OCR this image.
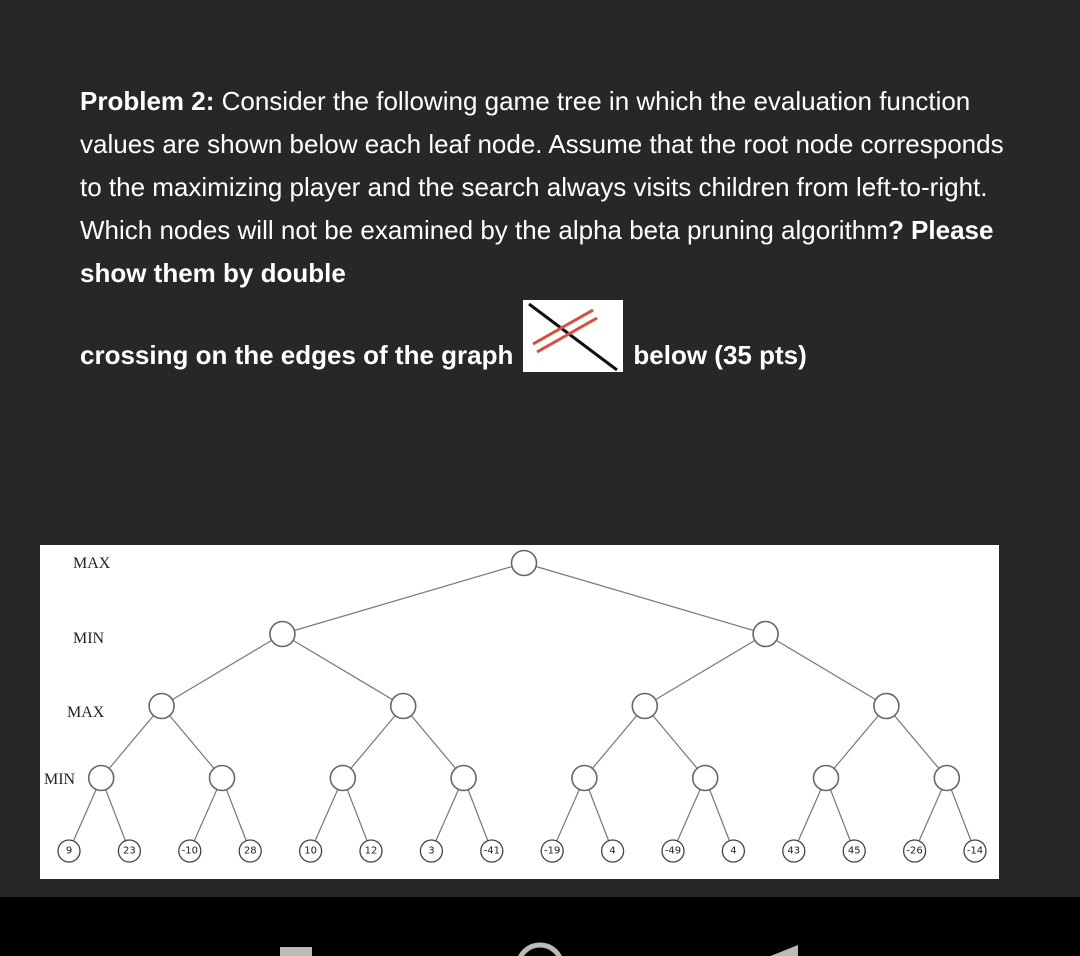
Problem 2: Consider the following game tree in which the evaluation function values are shown below each leaf node. Assume that the root node corresponds to the maximizing player and the search always visits children from left-to-right. Which nodes will not be examined by the alpha beta pruning algorithm? Please show them by double

crossing on the edges of the graph	below (35 pts)
9	23	-10	28	10	12	3	-41	-19	4	-49	4	43	45	-26	-14
MAX
MIN
MAX
MIN
